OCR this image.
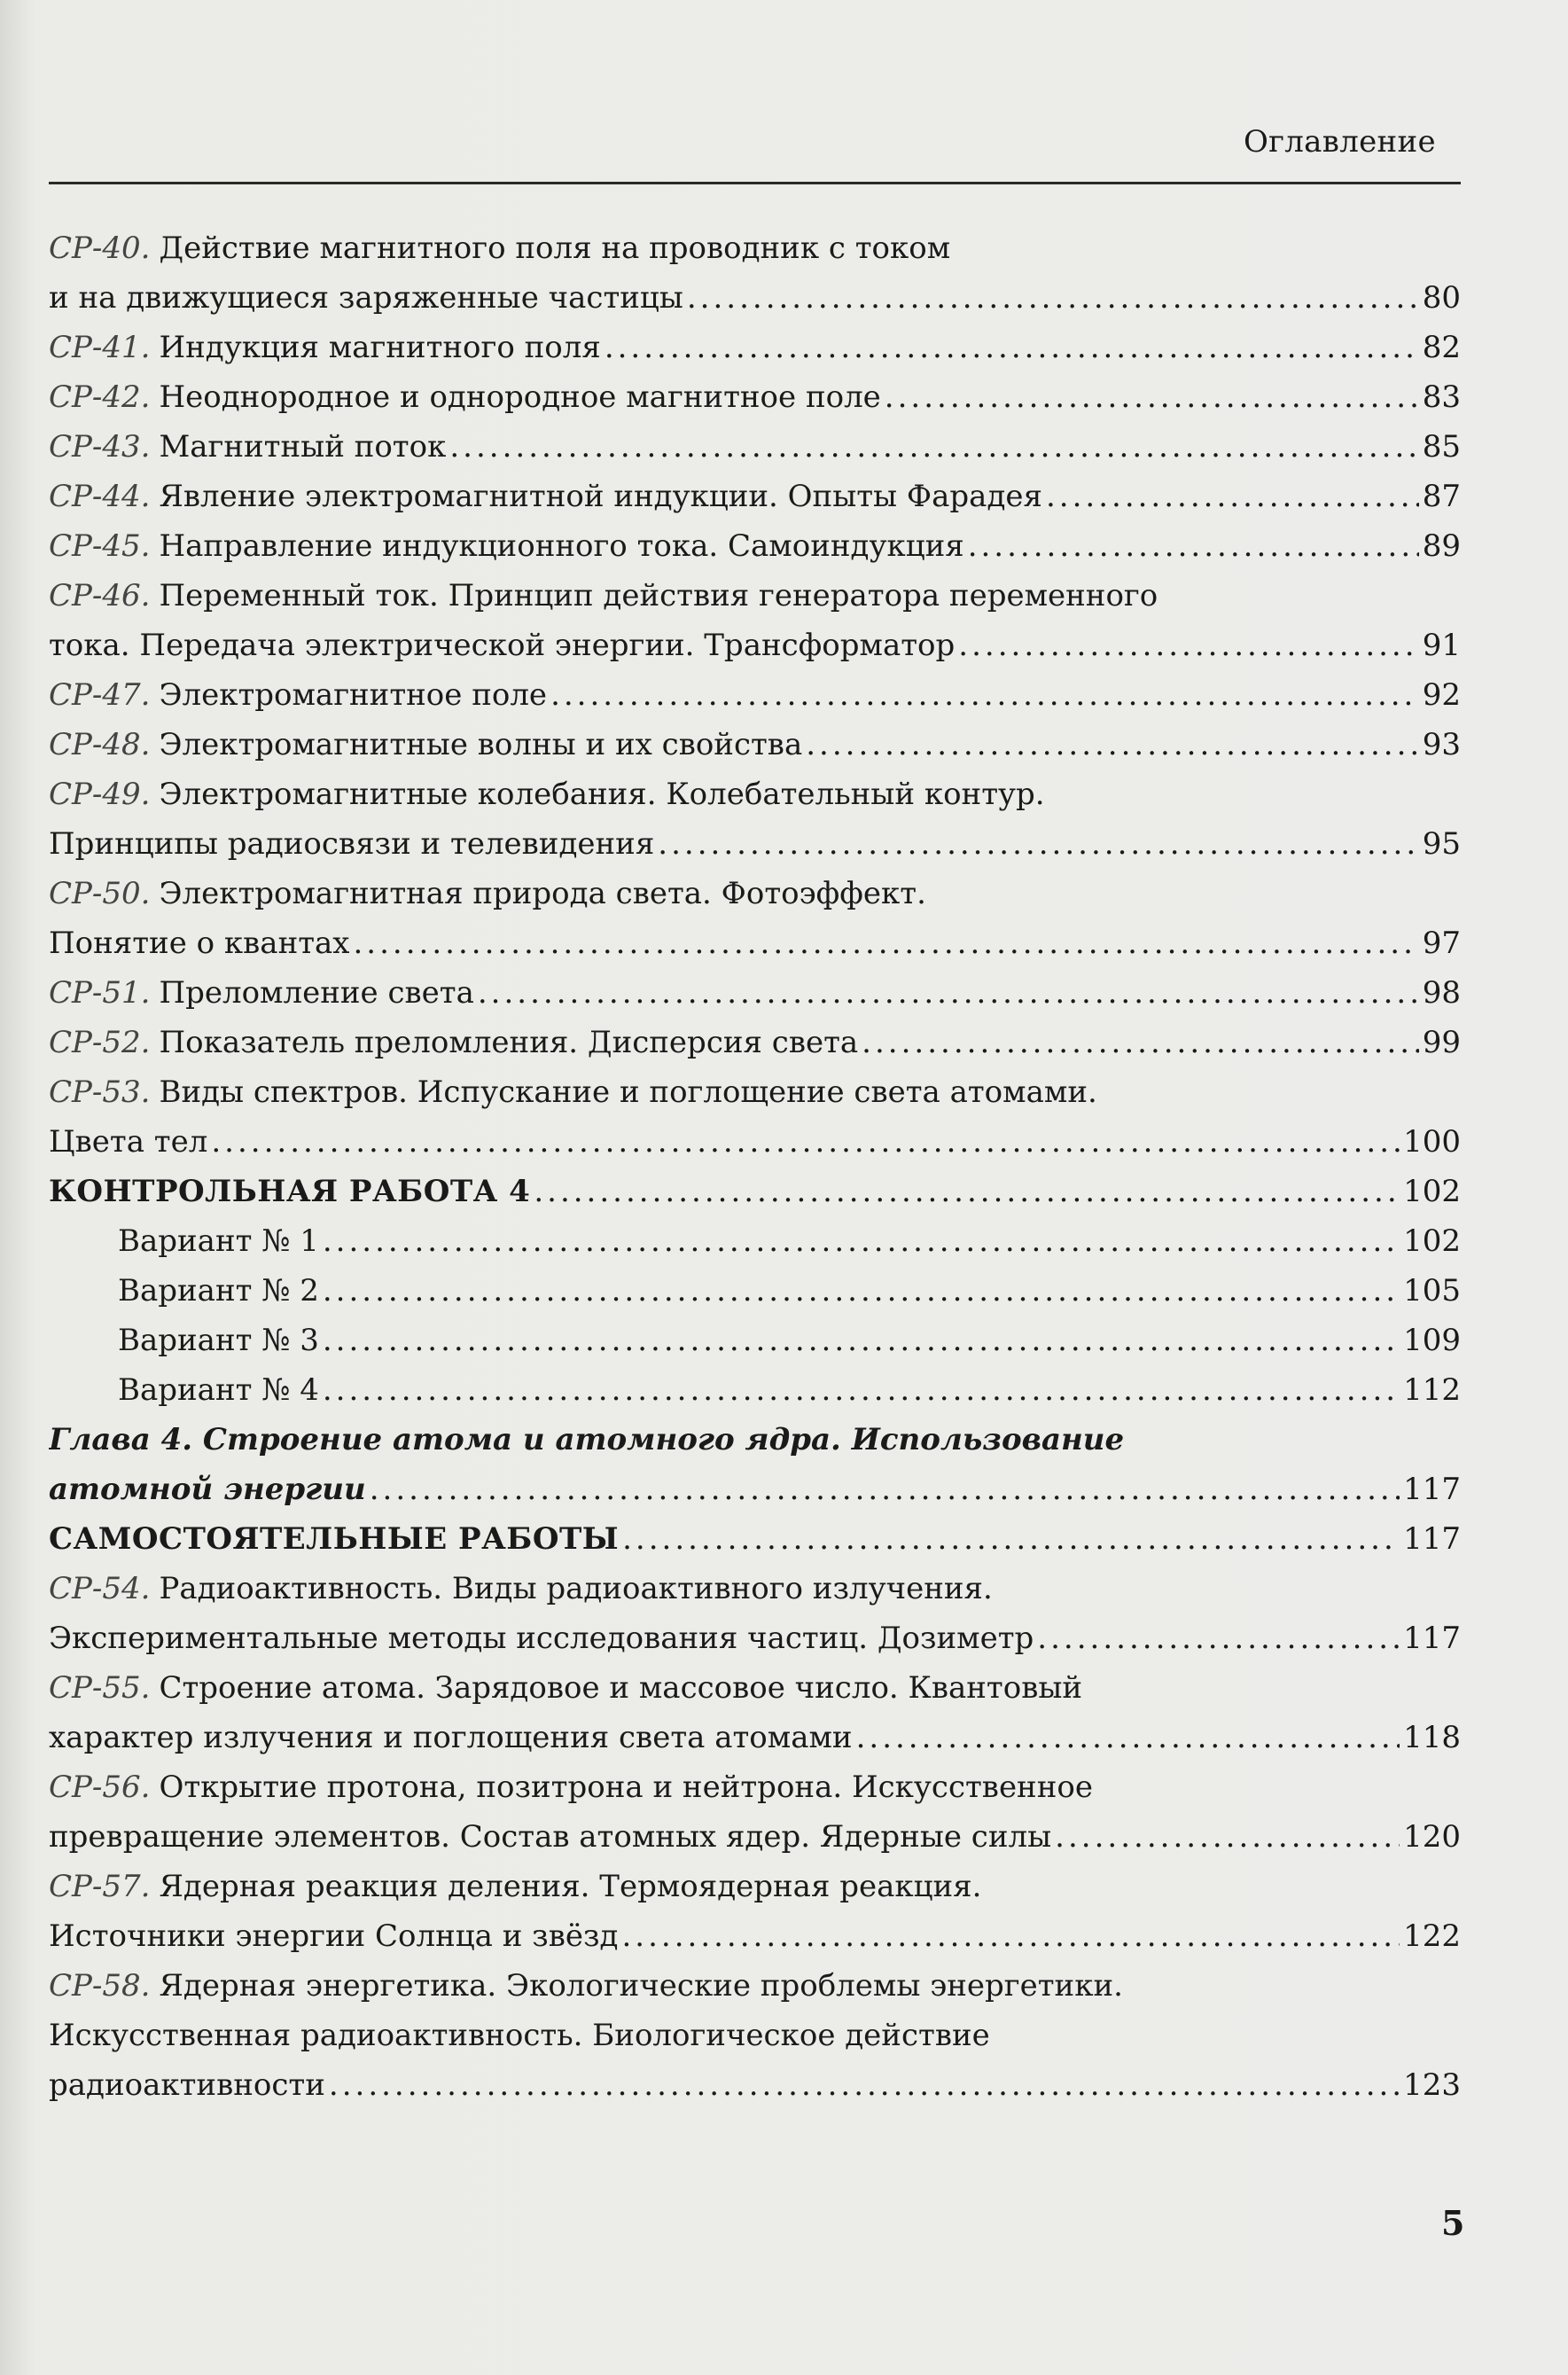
Оглавление
СР-40. Действие магнитного поля на проводник с током
и на движущиеся заряженные частицы .....	80
СР-41. Индукция магнитного поля .....	82
СР-42. Неоднородное и однородное магнитное поле .....	83
СР-43. Магнитный поток .....	85
СР-44. Явление электромагнитной индукции. Опыты Фарадея .....	87
СР-45. Направление индукционного тока. Самоиндукция .....	89
СР-46. Переменный ток. Принцип действия генератора переменного
тока. Передача электрической энергии. Трансформатор .....	91
СР-47. Электромагнитное поле .....	92
СР-48. Электромагнитные волны и их свойства .....	93
СР-49. Электромагнитные колебания. Колебательный контур.
Принципы радиосвязи и телевидения .....	95
СР-50. Электромагнитная природа света. Фотоэффект.
Понятие о квантах .....	97
СР-51. Преломление света .....	98
СР-52. Показатель преломления. Дисперсия света .....	99
СР-53. Виды спектров. Испускание и поглощение света атомами.
Цвета тел .....	100
КОНТРОЛЬНАЯ РАБОТА 4 .....	102
Вариант № 1 .....	102
Вариант № 2 .....	105
Вариант № 3 .....	109
Вариант № 4 .....	112
Глава 4. Строение атома и атомного ядра. Использование
атомной энергии .....	117
САМОСТОЯТЕЛЬНЫЕ РАБОТЫ .....	117
СР-54. Радиоактивность. Виды радиоактивного излучения.
Экспериментальные методы исследования частиц. Дозиметр .....	117
СР-55. Строение атома. Зарядовое и массовое число. Квантовый
характер излучения и поглощения света атомами .....	118
СР-56. Открытие протона, позитрона и нейтрона. Искусственное
превращение элементов. Состав атомных ядер. Ядерные силы .....	120
СР-57. Ядерная реакция деления. Термоядерная реакция.
Источники энергии Солнца и звёзд .....	122
СР-58. Ядерная энергетика. Экологические проблемы энергетики.
Искусственная радиоактивность. Биологическое действие
радиоактивности .....	123
5
